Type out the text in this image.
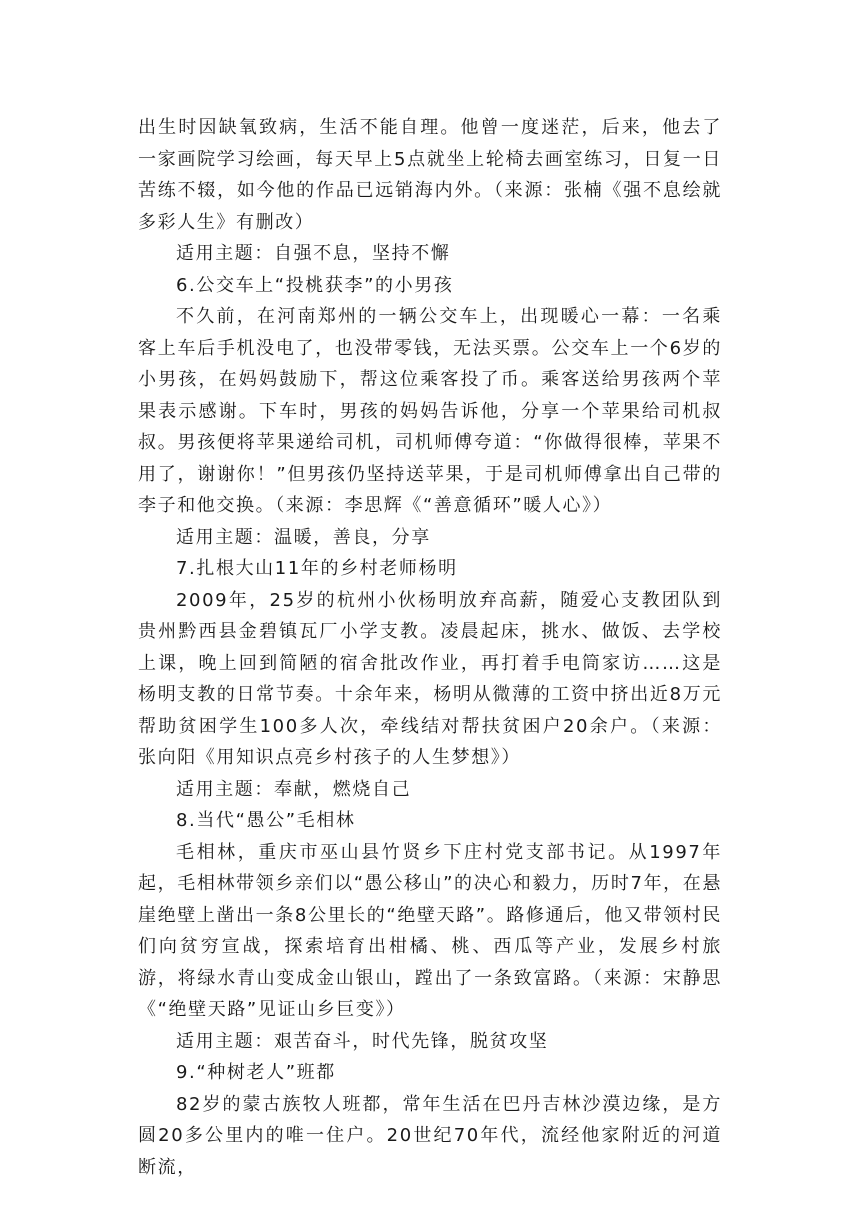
出生时因缺氧致病，生活不能自理。他曾一度迷茫，后来，他去了一家画院学习绘画，每天早上5点就坐上轮椅去画室练习，日复一日苦练不辍，如今他的作品已远销海内外。（来源：张楠《强不息绘就多彩人生》有删改）

适用主题：自强不息，坚持不懈

6.公交车上“投桃获李”的小男孩

不久前，在河南郑州的一辆公交车上，出现暖心一幕：一名乘客上车后手机没电了，也没带零钱，无法买票。公交车上一个6岁的小男孩，在妈妈鼓励下，帮这位乘客投了币。乘客送给男孩两个苹果表示感谢。下车时，男孩的妈妈告诉他，分享一个苹果给司机叔叔。男孩便将苹果递给司机，司机师傅夸道：“你做得很棒，苹果不用了，谢谢你！”但男孩仍坚持送苹果，于是司机师傅拿出自己带的李子和他交换。（来源：李思辉《“善意循环”暖人心》）

适用主题：温暖，善良，分享

7.扎根大山11年的乡村老师杨明

2009年，25岁的杭州小伙杨明放弃高薪，随爱心支教团队到贵州黔西县金碧镇瓦厂小学支教。凌晨起床，挑水、做饭、去学校上课，晚上回到简陋的宿舍批改作业，再打着手电筒家访……这是杨明支教的日常节奏。十余年来，杨明从微薄的工资中挤出近8万元帮助贫困学生100多人次，牵线结对帮扶贫困户20余户。（来源：张向阳《用知识点亮乡村孩子的人生梦想》）

适用主题：奉献，燃烧自己

8.当代“愚公”毛相林

毛相林，重庆市巫山县竹贤乡下庄村党支部书记。从1997年起，毛相林带领乡亲们以“愚公移山”的决心和毅力，历时7年，在悬崖绝壁上凿出一条8公里长的“绝壁天路”。路修通后，他又带领村民们向贫穷宣战，探索培育出柑橘、桃、西瓜等产业，发展乡村旅游，将绿水青山变成金山银山，蹚出了一条致富路。（来源：宋静思《“绝壁天路”见证山乡巨变》）

适用主题：艰苦奋斗，时代先锋，脱贫攻坚

9.“种树老人”班都

82岁的蒙古族牧人班都，常年生活在巴丹吉林沙漠边缘，是方圆20多公里内的唯一住户。20世纪70年代，流经他家附近的河道断流，
